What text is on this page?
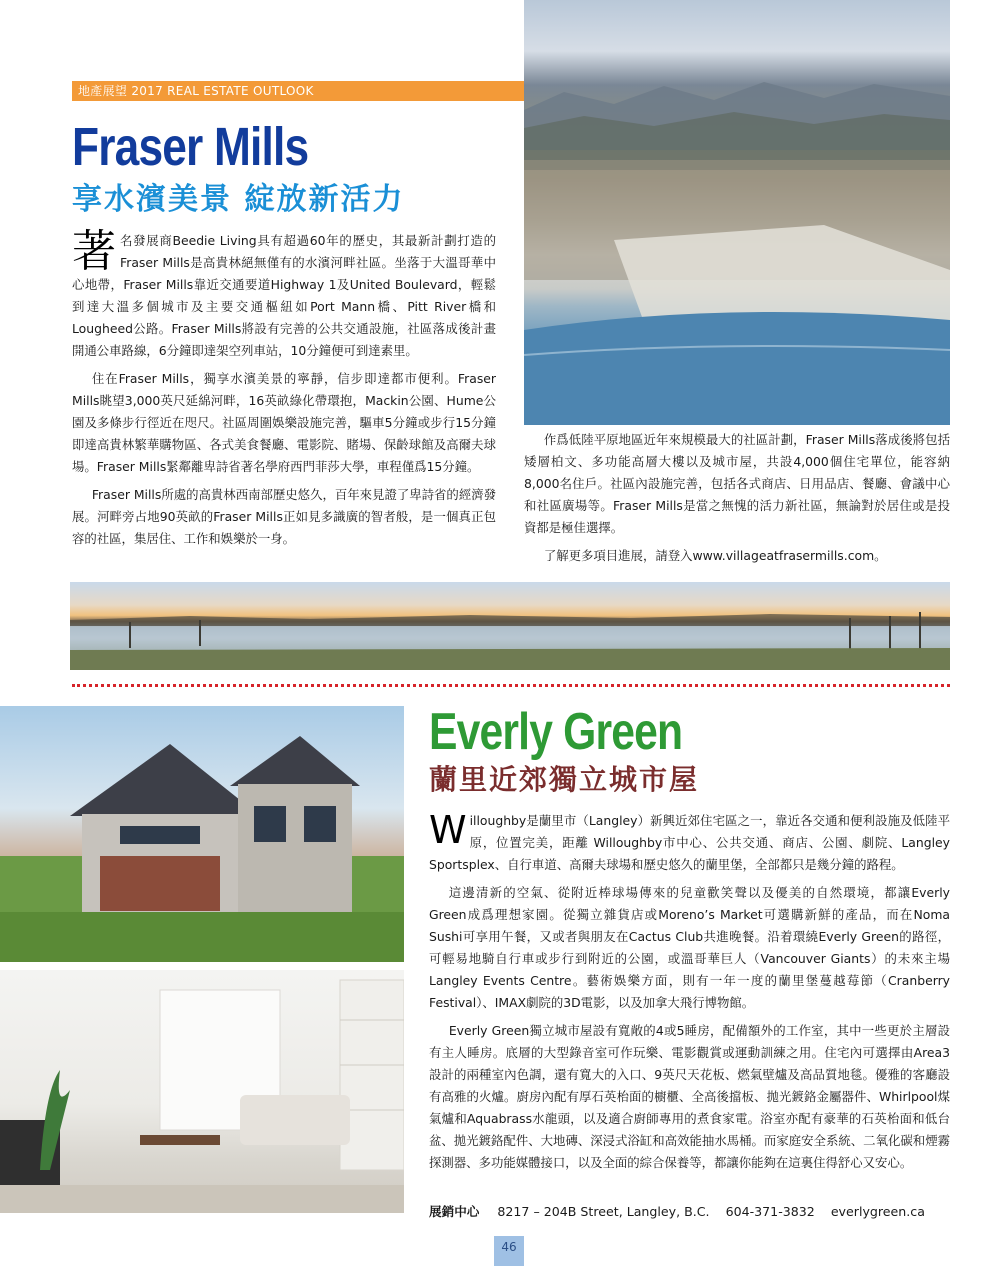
地產展望 2017 REAL ESTATE OUTLOOK
Fraser Mills
享水濱美景 綻放新活力

著名發展商Beedie Living具有超過60年的歷史，其最新計劃打造的Fraser Mills是高貴林絕無僅有的水濱河畔社區。坐落于大溫哥華中心地帶，Fraser Mills靠近交通要道Highway 1及United Boulevard，輕鬆到達大溫多個城市及主要交通樞紐如Port Mann橋、Pitt River橋和Lougheed公路。Fraser Mills將設有完善的公共交通設施，社區落成後計畫開通公車路線，6分鐘即達架空列車站，10分鐘便可到達素里。

住在Fraser Mills，獨享水濱美景的寧靜，信步即達都市便利。Fraser Mills眺望3,000英尺延綿河畔，16英畝綠化帶環抱，Mackin公園、Hume公園及多條步行徑近在咫尺。社區周圍娛樂設施完善，驅車5分鐘或步行15分鐘即達高貴林繁華購物區、各式美食餐廳、電影院、賭場、保齡球館及高爾夫球場。Fraser Mills緊鄰離卑詩省著名學府西門菲莎大學，車程僅爲15分鐘。

Fraser Mills所處的高貴林西南部歷史悠久，百年來見證了卑詩省的經濟發展。河畔旁占地90英畝的Fraser Mills正如見多識廣的智者般，是一個真正包容的社區，集居住、工作和娛樂於一身。

作爲低陸平原地區近年來規模最大的社區計劃，Fraser Mills落成後將包括矮層柏文、多功能高層大樓以及城市屋，共設4,000個住宅單位，能容納8,000名住戶。社區內設施完善，包括各式商店、日用品店、餐廳、會議中心和社區廣場等。Fraser Mills是當之無愧的活力新社區，無論對於居住或是投資都是極佳選擇。

了解更多項目進展，請登入www.villageatfrasermills.com。

Everly Green
蘭里近郊獨立城市屋

Willoughby是蘭里市（Langley）新興近郊住宅區之一，靠近各交通和便利設施及低陸平原，位置完美，距離 Willoughby市中心、公共交通、商店、公園、劇院、Langley Sportsplex、自行車道、高爾夫球場和歷史悠久的蘭里堡，全部都只是幾分鐘的路程。

這邊清新的空氣、從附近棒球場傳來的兒童歡笑聲以及優美的自然環境，都讓Everly Green成爲理想家園。從獨立雜貨店或Moreno’s Market可選購新鮮的產品，而在Noma Sushi可享用午餐，又或者與朋友在Cactus Club共進晚餐。沿着環繞Everly Green的路徑，可輕易地騎自行車或步行到附近的公園，或溫哥華巨人（Vancouver Giants）的未來主場Langley Events Centre。藝術娛樂方面，則有一年一度的蘭里堡蔓越莓節（Cranberry Festival）、IMAX劇院的3D電影，以及加拿大飛行博物館。

Everly Green獨立城市屋設有寬敞的4或5睡房，配備額外的工作室，其中一些更於主層設有主人睡房。底層的大型錄音室可作玩樂、電影觀賞或運動訓練之用。住宅內可選擇由Area3 設計的兩種室內色調，還有寬大的入口、9英尺天花板、燃氣壁爐及高品質地毯。優雅的客廳設有高雅的火爐。廚房內配有厚石英枱面的櫥櫃、全高後擋板、拋光鍍鉻金屬器件、Whirlpool煤氣爐和Aquabrass水龍頭，以及適合廚師專用的煮食家電。浴室亦配有豪華的石英枱面和低台盆、拋光鍍鉻配件、大地磚、深浸式浴缸和高效能抽水馬桶。而家庭安全系統、二氧化碳和煙霧探測器、多功能媒體接口，以及全面的綜合保養等，都讓你能夠在這裏住得舒心又安心。

展銷中心 8217 – 204B Street, Langley, B.C. 604-371-3832 everlygreen.ca
46
